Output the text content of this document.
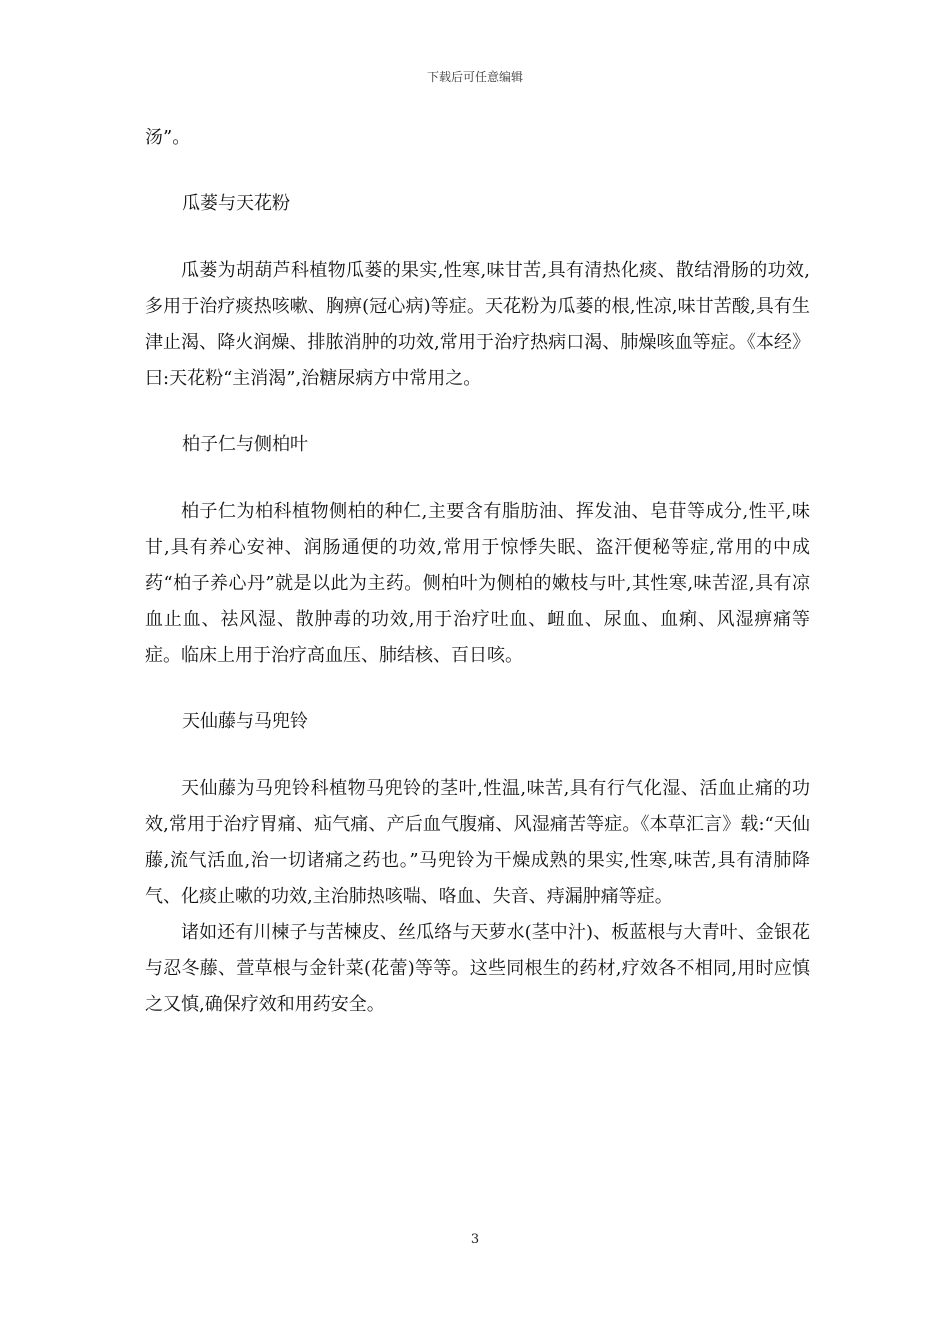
下载后可任意编辑

汤”。

瓜蒌与天花粉

瓜蒌为胡葫芦科植物瓜蒌的果实,性寒,味甘苦,具有清热化痰、散结滑肠的功效,多用于治疗痰热咳嗽、胸痹(冠心病)等症。天花粉为瓜蒌的根,性凉,味甘苦酸,具有生津止渴、降火润燥、排脓消肿的功效,常用于治疗热病口渴、肺燥咳血等症。《本经》曰:天花粉“主消渴”,治糖尿病方中常用之。

柏子仁与侧柏叶

柏子仁为柏科植物侧柏的种仁,主要含有脂肪油、挥发油、皂苷等成分,性平,味甘,具有养心安神、润肠通便的功效,常用于惊悸失眠、盗汗便秘等症,常用的中成药“柏子养心丹”就是以此为主药。侧柏叶为侧柏的嫩枝与叶,其性寒,味苦涩,具有凉血止血、祛风湿、散肿毒的功效,用于治疗吐血、衄血、尿血、血痢、风湿痹痛等症。临床上用于治疗高血压、肺结核、百日咳。

天仙藤与马兜铃

天仙藤为马兜铃科植物马兜铃的茎叶,性温,味苦,具有行气化湿、活血止痛的功效,常用于治疗胃痛、疝气痛、产后血气腹痛、风湿痛苦等症。《本草汇言》载:“天仙藤,流气活血,治一切诸痛之药也。”马兜铃为干燥成熟的果实,性寒,味苦,具有清肺降气、化痰止嗽的功效,主治肺热咳喘、咯血、失音、痔漏肿痛等症。

诸如还有川楝子与苦楝皮、丝瓜络与天萝水(茎中汁)、板蓝根与大青叶、金银花与忍冬藤、萱草根与金针菜(花蕾)等等。这些同根生的药材,疗效各不相同,用时应慎之又慎,确保疗效和用药安全。

3
